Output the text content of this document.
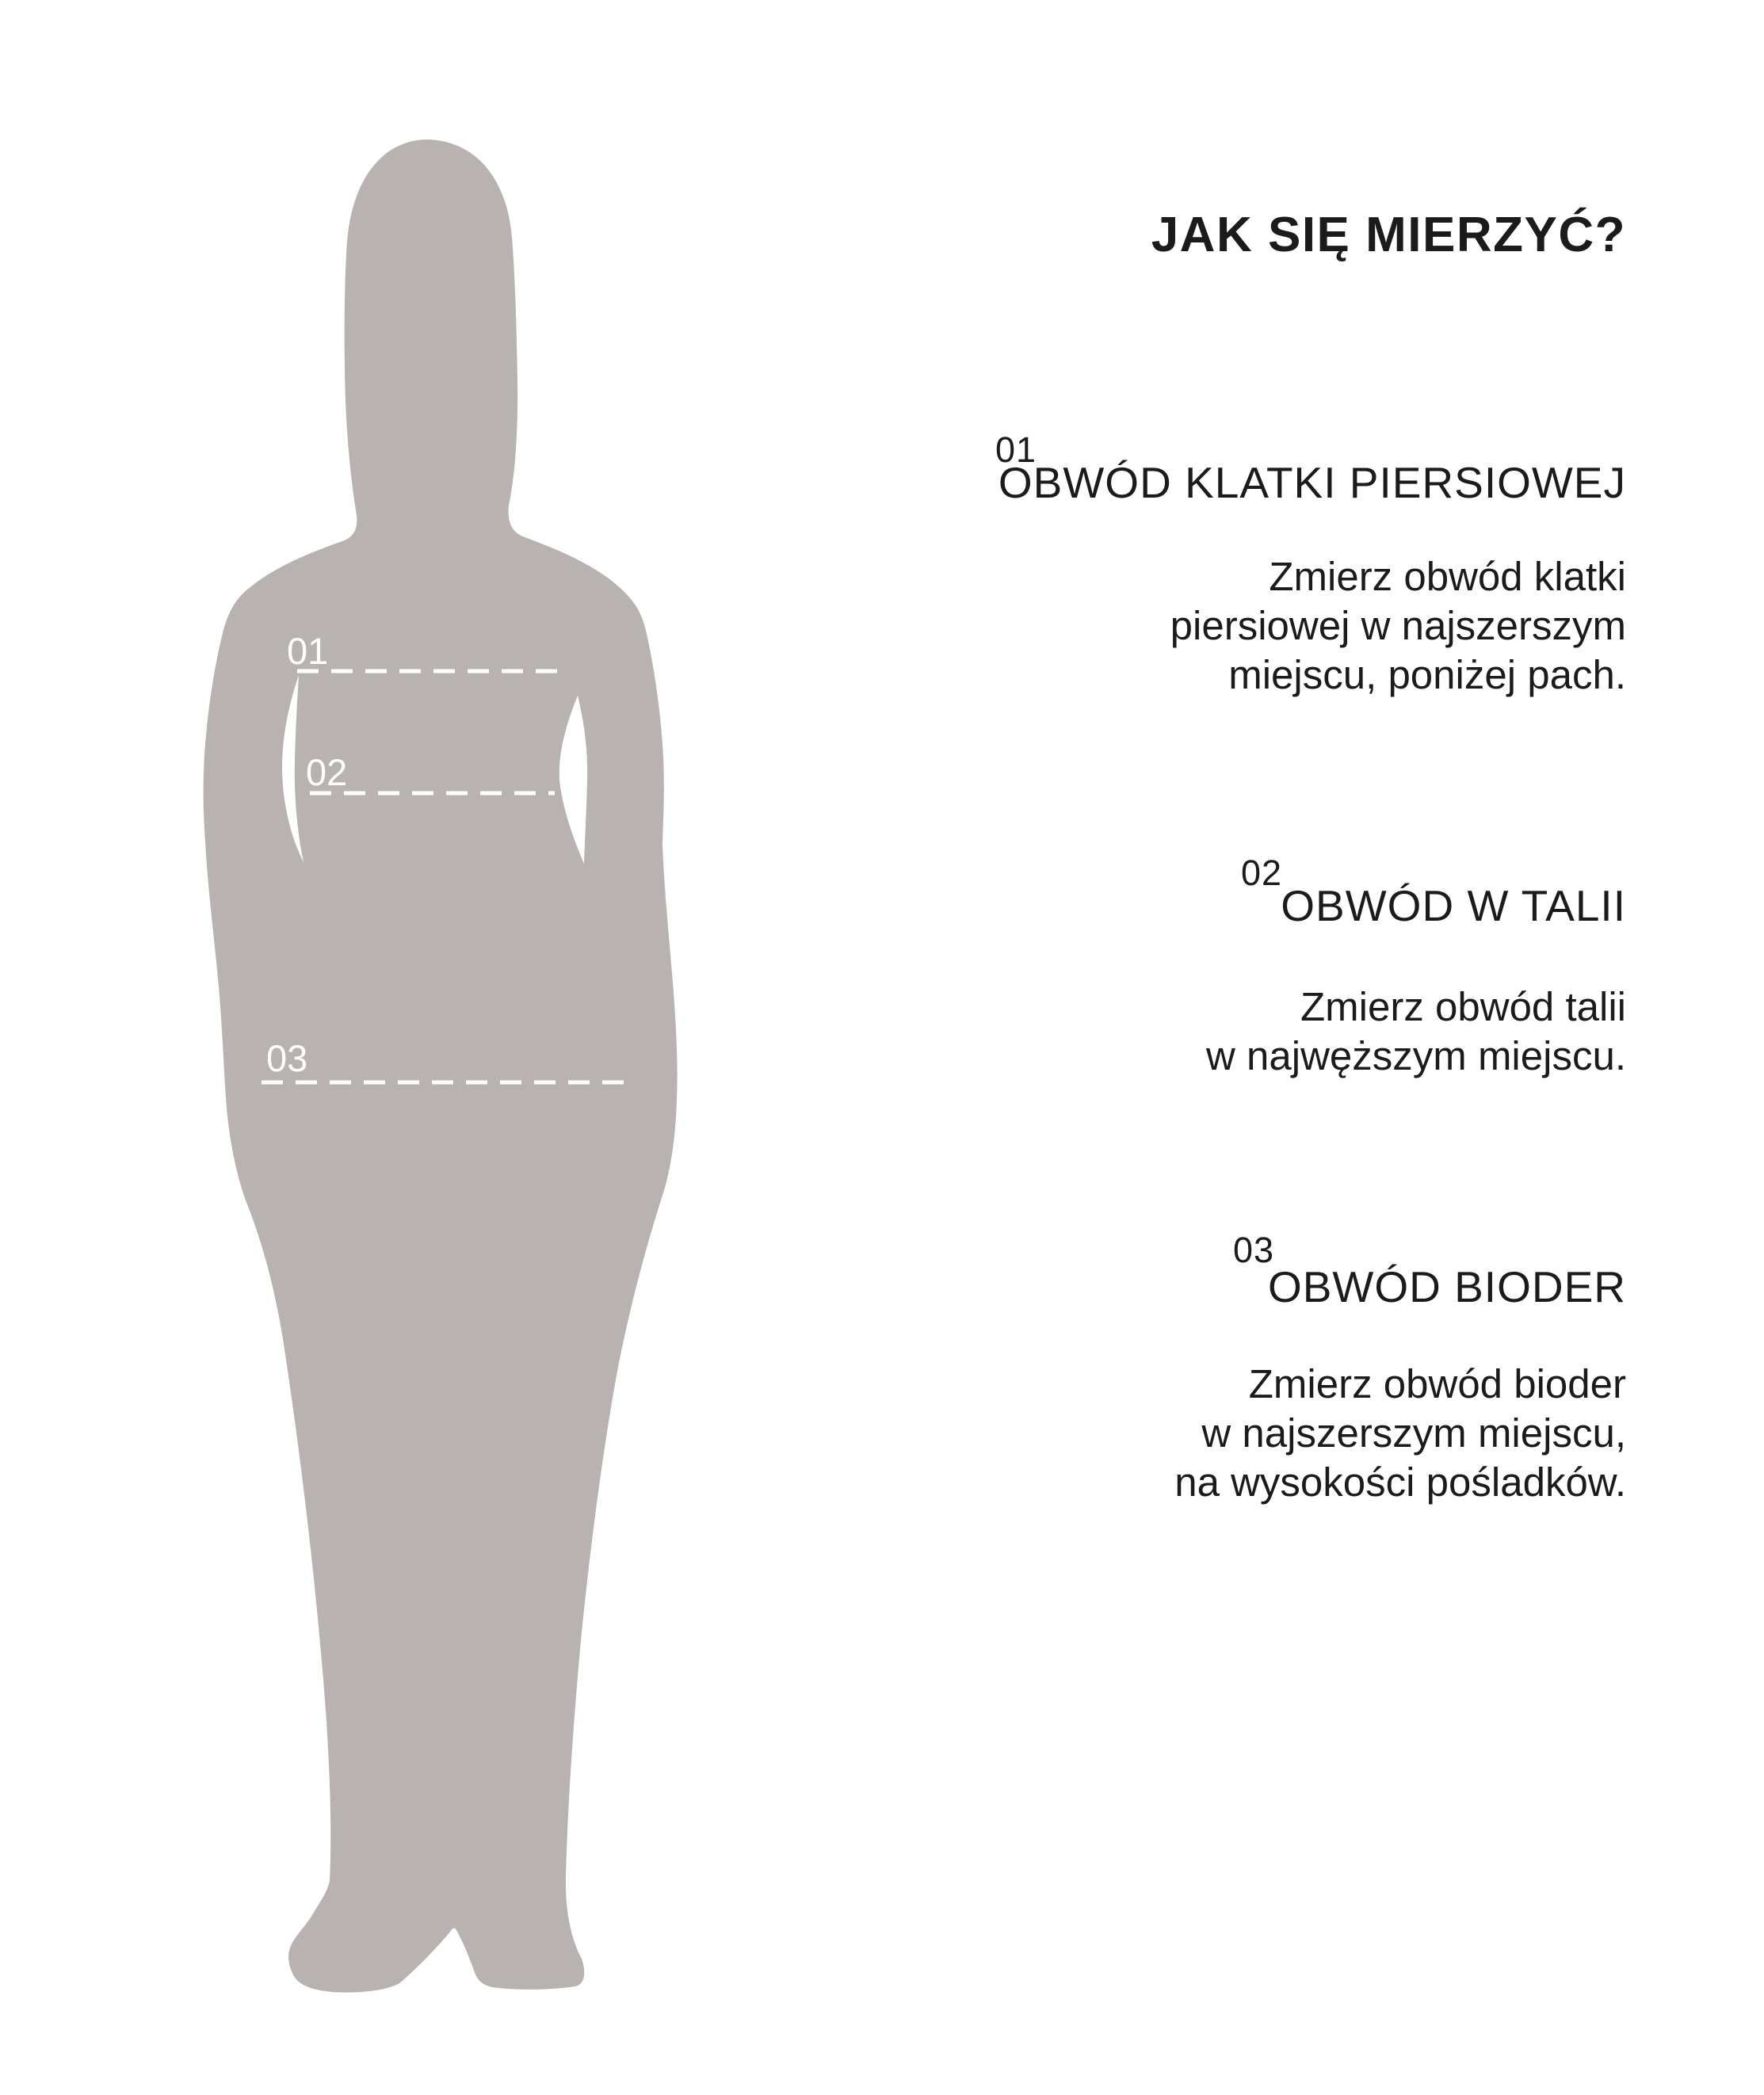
01
02
03
JAK SIĘ MIERZYĆ?
01
OBWÓD KLATKI PIERSIOWEJ
Zmierz obwód klatki
piersiowej w najszerszym
miejscu, poniżej pach.
02
OBWÓD W TALII
Zmierz obwód talii
w najwęższym miejscu.
03
OBWÓD BIODER
Zmierz obwód bioder
w najszerszym miejscu,
na wysokości pośladków.
